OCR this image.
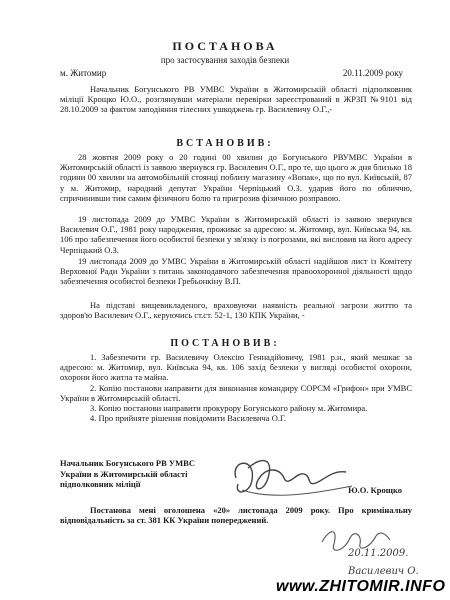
ПОСТАНОВА
про застосування заходів безпеки
м. Житомир	20.11.2009 року

Начальник Богунського РВ УМВС України в Житомирській області підполковник міліції Крощко Ю.О., розглянувши матеріали перевірки зареєстрований в ЖРЗП №9101 від 28.10.2009 за фактом заподіяння тілесних ушкоджень гр. Василевичу О.Г.,-

ВСТАНОВИВ:

28 жовтня 2009 року о 20 годині 00 хвилин до Богунського РВУМВС України в Житомирській області із заявою звернувся гр. Василевич О.Г., про те, що цього ж дня близько 18 години 00 хвилин на автомобільній стоянці поблизу магазину «Вопак», що по вул. Київській, 87 у м. Житомир, народний депутат України Черпіцький О.З. ударив його по обличчю, спричинивши тим самим фізичного болю та пригрозив фізичною розправою.

19 листопада 2009 до УМВС України в Житомирській області із заявою звернувся Василевич О.Г., 1981 року народження, проживає за адресою: м. Житомир, вул. Київська 94, кв. 106 про забезпечення його особистої безпеки у зв'язку із погрозами, які висловив на його адресу Черпіцький О.З.

19 листопада 2009 до УМВС України в Житомирській області надійшов лист із Комітету Верховної Ради України з питань законодавчого забезпечення правоохоронної діяльності щодо забезпечення особистої безпеки Гребьонкіну В.П.

На підставі вищевикладеного, враховуючи наявність реальної загрози життю та здоров'ю Василевич О.Г., керуючись ст.ст. 52-1, 130 КПК України, -

ПОСТАНОВИВ:
1. Забезпечити гр. Василевичу Олексію Геннадійовичу, 1981 р.н., який мешкає за адресою: м. Житомир, вул. Київська 94, кв. 106 захід безпеки у вигляді особистої охорони, охорони його житла та майна.
2. Копію постанови направити для виконання командиру СОРСМ «Грифон» при УМВС України в Житомирській області.
3. Копію постанови направити прокурору Богунського району м. Житомира.
4. Про прийняте рішення повідомити Василевича О.Г.
Начальник Богунського РВ УМВС
України в Житомирській області
підполковник міліції
Ю.О. Крощко

Постанова мені оголошена «20» листопада 2009 року. Про кримінальну відповідальність за ст. 381 КК України попереджений.

20.11.2009.
Василевич О.
www.ZHITOMIR.INFO
